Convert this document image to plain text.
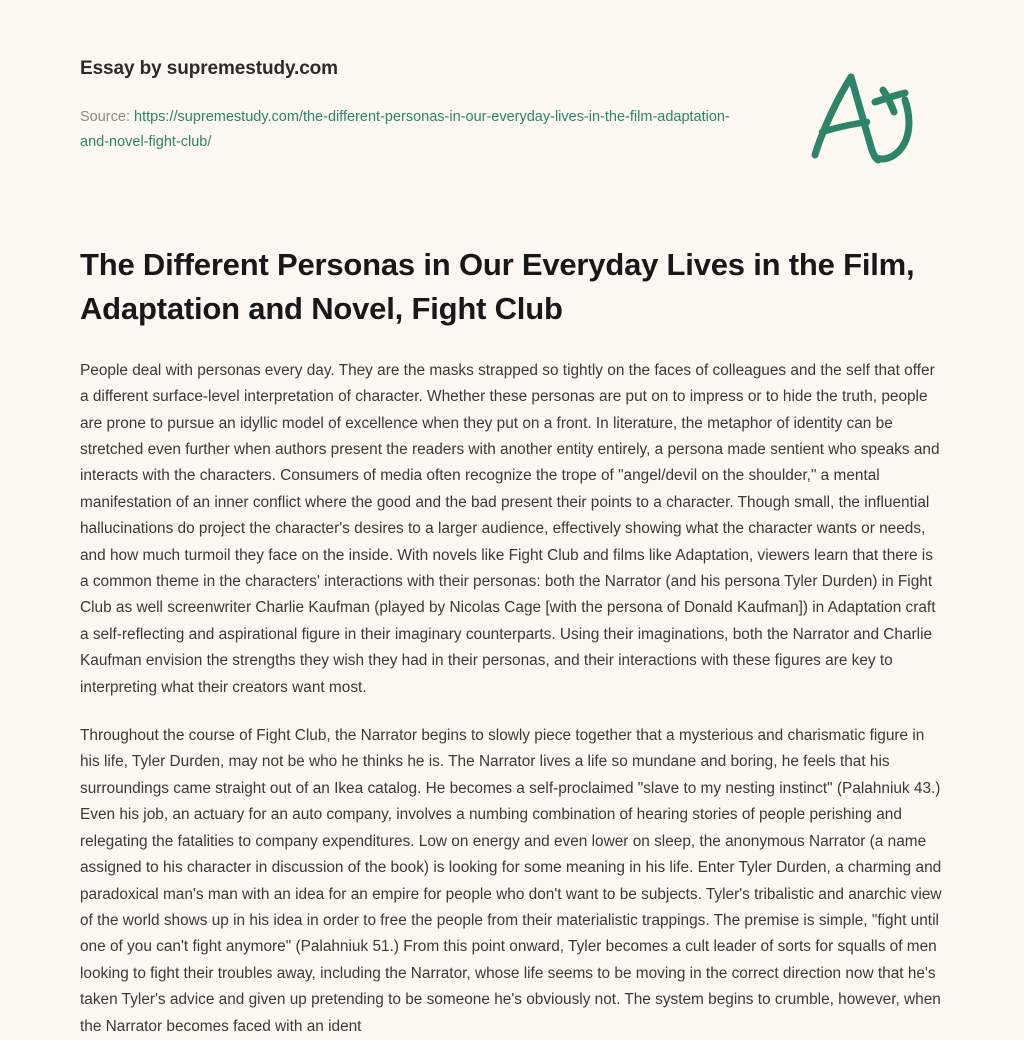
Essay by supremestudy.com

Source: https://supremestudy.com/the-different-personas-in-our-everyday-lives-in-the-film-adaptation-and-novel-fight-club/

The Different Personas in Our Everyday Lives in the Film, Adaptation and Novel, Fight Club

People deal with personas every day. They are the masks strapped so tightly on the faces of colleagues and the self that offer a different surface-level interpretation of character. Whether these personas are put on to impress or to hide the truth, people are prone to pursue an idyllic model of excellence when they put on a front. In literature, the metaphor of identity can be stretched even further when authors present the readers with another entity entirely, a persona made sentient who speaks and interacts with the characters. Consumers of media often recognize the trope of "angel/devil on the shoulder," a mental manifestation of an inner conflict where the good and the bad present their points to a character. Though small, the influential hallucinations do project the character's desires to a larger audience, effectively showing what the character wants or needs, and how much turmoil they face on the inside. With novels like Fight Club and films like Adaptation, viewers learn that there is a common theme in the characters' interactions with their personas: both the Narrator (and his persona Tyler Durden) in Fight Club as well screenwriter Charlie Kaufman (played by Nicolas Cage [with the persona of Donald Kaufman]) in Adaptation craft a self-reflecting and aspirational figure in their imaginary counterparts. Using their imaginations, both the Narrator and Charlie Kaufman envision the strengths they wish they had in their personas, and their interactions with these figures are key to interpreting what their creators want most.

Throughout the course of Fight Club, the Narrator begins to slowly piece together that a mysterious and charismatic figure in his life, Tyler Durden, may not be who he thinks he is. The Narrator lives a life so mundane and boring, he feels that his surroundings came straight out of an Ikea catalog. He becomes a self-proclaimed "slave to my nesting instinct" (Palahniuk 43.) Even his job, an actuary for an auto company, involves a numbing combination of hearing stories of people perishing and relegating the fatalities to company expenditures. Low on energy and even lower on sleep, the anonymous Narrator (a name assigned to his character in discussion of the book) is looking for some meaning in his life. Enter Tyler Durden, a charming and paradoxical man's man with an idea for an empire for people who don't want to be subjects. Tyler's tribalistic and anarchic view of the world shows up in his idea in order to free the people from their materialistic trappings. The premise is simple, "fight until one of you can't fight anymore" (Palahniuk 51.) From this point onward, Tyler becomes a cult leader of sorts for squalls of men looking to fight their troubles away, including the Narrator, whose life seems to be moving in the correct direction now that he's taken Tyler's advice and given up pretending to be someone he's obviously not. The system begins to crumble, however, when the Narrator becomes faced with an ident
